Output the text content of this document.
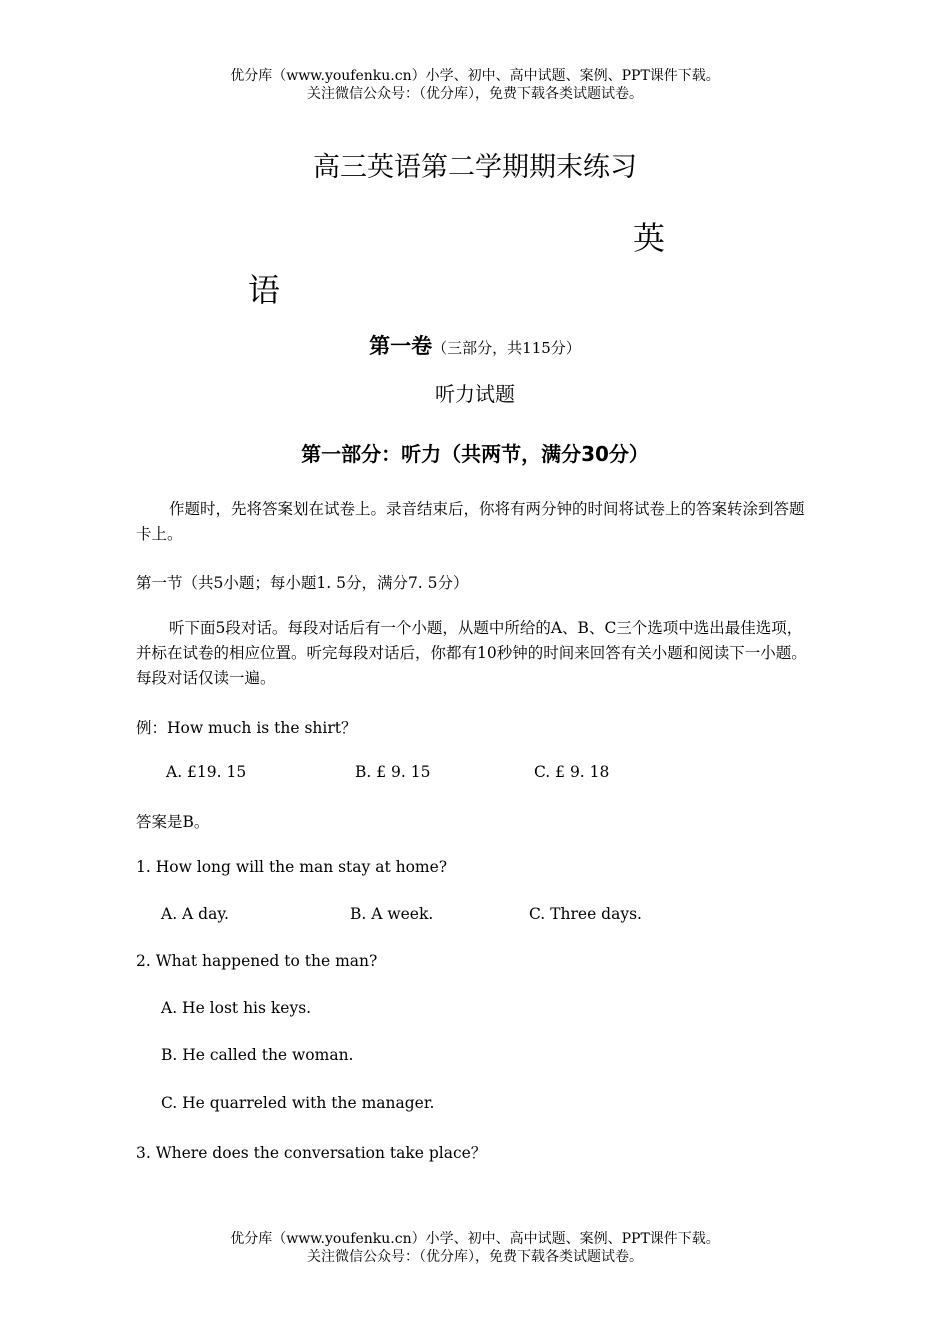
优分库（www.youfenku.cn）小学、初中、高中试题、案例、PPT课件下载。
关注微信公众号：（优分库），免费下载各类试题试卷。
高三英语第二学期期末练习
英
语
第一卷（三部分，共115分）
听力试题
第一部分：听力（共两节，满分30分）
作题时，先将答案划在试卷上。录音结束后，你将有两分钟的时间将试卷上的答案转涂到答题卡上。
第一节（共5小题；每小题1. 5分，满分7. 5分）
听下面5段对话。每段对话后有一个小题，从题中所给的A、B、C三个选项中选出最佳选项，并标在试卷的相应位置。听完每段对话后，你都有10秒钟的时间来回答有关小题和阅读下一小题。每段对话仅读一遍。
例：How much is the shirt？
A. £19. 15	B. £ 9. 15	C. £ 9. 18
答案是B。
1. How long will the man stay at home?
A. A day.	B. A week.	C. Three days.
2. What happened to the man?
A. He lost his keys.
B. He called the woman.
C. He quarreled with the manager.
3. Where does the conversation take place？
优分库（www.youfenku.cn）小学、初中、高中试题、案例、PPT课件下载。
关注微信公众号：（优分库），免费下载各类试题试卷。
